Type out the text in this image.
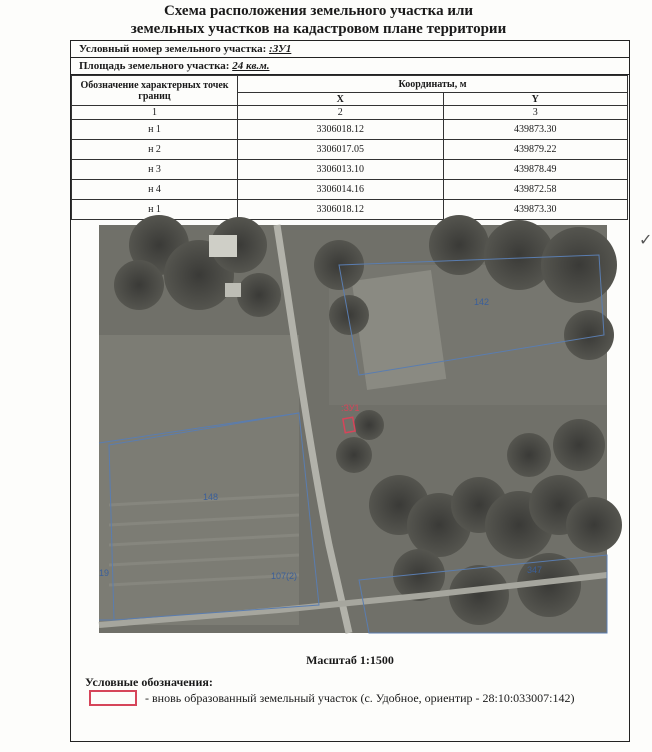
Схема расположения земельного участка или
земельных участков на кадастровом плане территории
Условный номер земельного участка: :ЗУ1
Площадь земельного участка: 24 кв.м.
Обозначение характерных точек границ	Координаты, м	
	X	Y
1	2	3
н 1	3306018.12	439873.30
н 2	3306017.05	439879.22
н 3	3306013.10	439878.49
н 4	3306014.16	439872.58
н 1	3306018.12	439873.30
✓
142
148
107(2)
347
19
:ЗУ1
Масштаб 1:1500
Условные обозначения:
- вновь образованный земельный участок (с. Удобное, ориентир - 28:10:033007:142)
